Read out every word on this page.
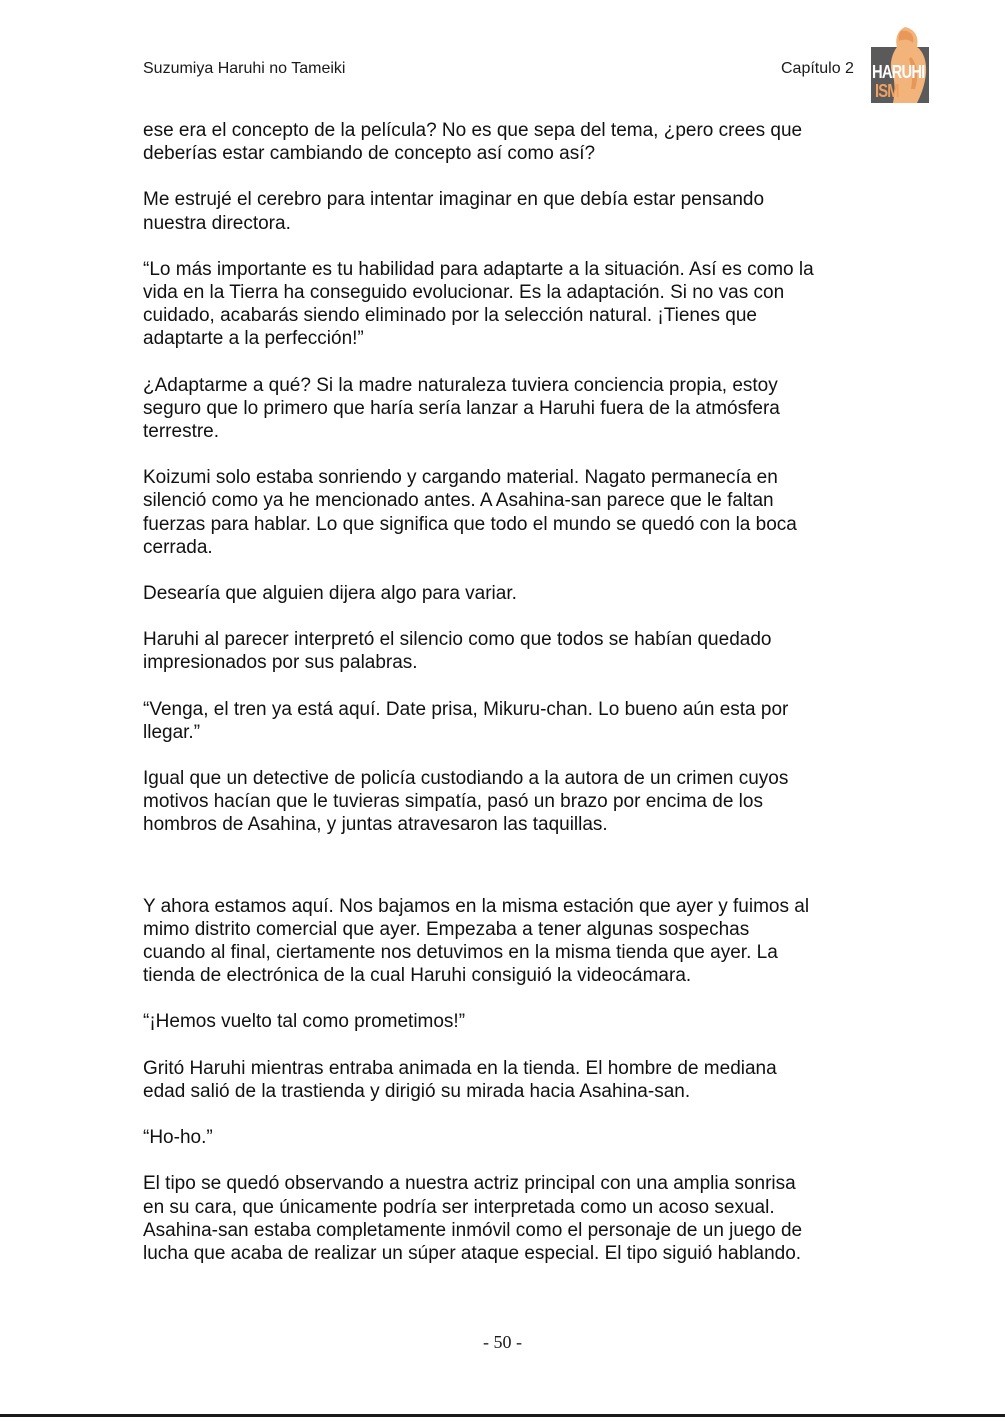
Suzumiya Haruhi no Tameiki	Capítulo 2 HARUHI
ISM

ese era el concepto de la película? No es que sepa del tema, ¿pero crees que
deberías estar cambiando de concepto así como así?

Me estrujé el cerebro para intentar imaginar en que debía estar pensando
nuestra directora.

“Lo más importante es tu habilidad para adaptarte a la situación. Así es como la
vida en la Tierra ha conseguido evolucionar. Es la adaptación. Si no vas con
cuidado, acabarás siendo eliminado por la selección natural. ¡Tienes que
adaptarte a la perfección!”

¿Adaptarme a qué? Si la madre naturaleza tuviera conciencia propia, estoy
seguro que lo primero que haría sería lanzar a Haruhi fuera de la atmósfera
terrestre.

Koizumi solo estaba sonriendo y cargando material. Nagato permanecía en
silenció como ya he mencionado antes. A Asahina-san parece que le faltan
fuerzas para hablar. Lo que significa que todo el mundo se quedó con la boca
cerrada.

Desearía que alguien dijera algo para variar.

Haruhi al parecer interpretó el silencio como que todos se habían quedado
impresionados por sus palabras.

“Venga, el tren ya está aquí. Date prisa, Mikuru-chan. Lo bueno aún esta por
llegar.”

Igual que un detective de policía custodiando a la autora de un crimen cuyos
motivos hacían que le tuvieras simpatía, pasó un brazo por encima de los
hombros de Asahina, y juntas atravesaron las taquillas.

Y ahora estamos aquí. Nos bajamos en la misma estación que ayer y fuimos al
mimo distrito comercial que ayer. Empezaba a tener algunas sospechas
cuando al final, ciertamente nos detuvimos en la misma tienda que ayer. La
tienda de electrónica de la cual Haruhi consiguió la videocámara.

“¡Hemos vuelto tal como prometimos!”

Gritó Haruhi mientras entraba animada en la tienda. El hombre de mediana
edad salió de la trastienda y dirigió su mirada hacia Asahina-san.

“Ho-ho.”

El tipo se quedó observando a nuestra actriz principal con una amplia sonrisa
en su cara, que únicamente podría ser interpretada como un acoso sexual.
Asahina-san estaba completamente inmóvil como el personaje de un juego de
lucha que acaba de realizar un súper ataque especial. El tipo siguió hablando.

- 50 -
